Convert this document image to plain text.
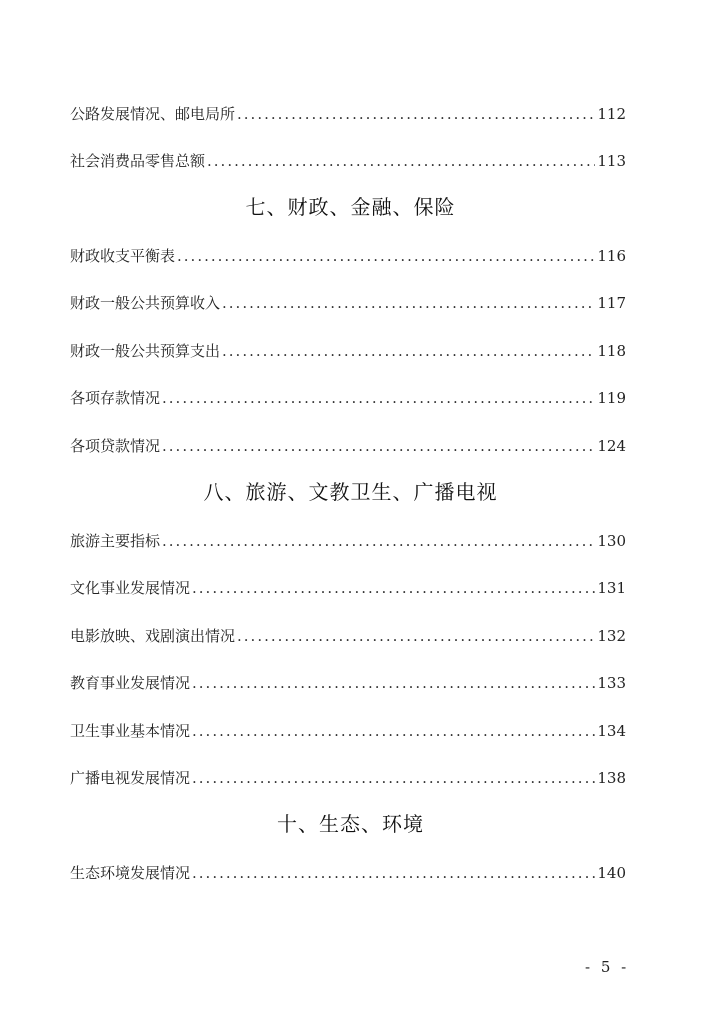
公路发展情况、邮电局所 .....	112
社会消费品零售总额 .....	113
七、财政、金融、保险
财政收支平衡表 .....	116
财政一般公共预算收入 .....	117
财政一般公共预算支出 .....	118
各项存款情况 .....	119
各项贷款情况 .....	124
八、旅游、文教卫生、广播电视
旅游主要指标 .....	130
文化事业发展情况 .....	131
电影放映、戏剧演出情况 .....	132
教育事业发展情况 .....	133
卫生事业基本情况 .....	134
广播电视发展情况 .....	138
十、生态、环境
生态环境发展情况 .....	140
- 5 -
